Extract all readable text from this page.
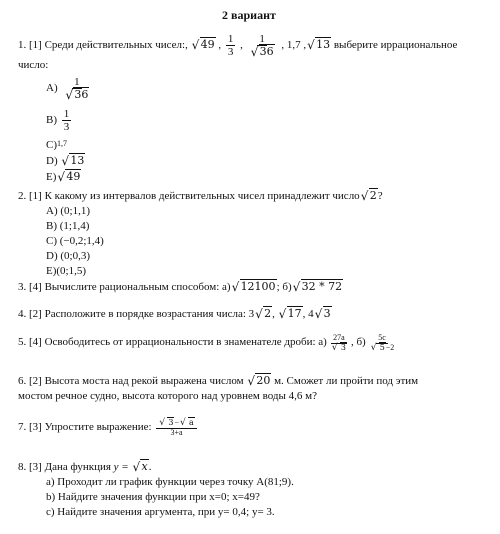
2 вариант
1. [1] Среди действительных чисел:, √ 49 , $\frac{1}{3}$ , $\frac{1}{√ 36}$ , 1,7 , √ 13 выберите иррациональное
число:
$А) \frac{1}{√ 36}$
$В) \frac{1}{3}$
С)$^{1,7}$
D) √ 13
E) √ 49
2. [1] К какому из интервалов действительных чисел принадлежит число √ 2?
А) (0;1,1)
В) (1;1,4)
С) (−0,2;1,4)
D) (0;0,3)
E)(0;1,5)
3. [4] Вычислите рациональным способом: а) √ 12100; б) √ 32 * 72
4. [2] Расположите в порядке возрастания числа: 3 √ 2, √ 17, 4 √ 3
5. [4] Освободитесь от иррациональности в знаменателе дроби: $а) \frac{27a}{√ 3}$ , $б) \frac{5c}{√ 5-2}$
6. [2] Высота моста над рекой выражена числом √ 20 м. Сможет ли пройти под этим
мостом речное судно, высота которого над уровнем воды 4,6 м?
7. [3] Упростите выражение: $\frac{√ 3- √ a}{3+a}$
8. [3] Дана функция y = √ x.
a) Проходит ли график функции через точку A(81;9).
b) Найдите значения функции при x=0; x=49?
c) Найдите значения аргумента, при y= 0,4; y= 3.
